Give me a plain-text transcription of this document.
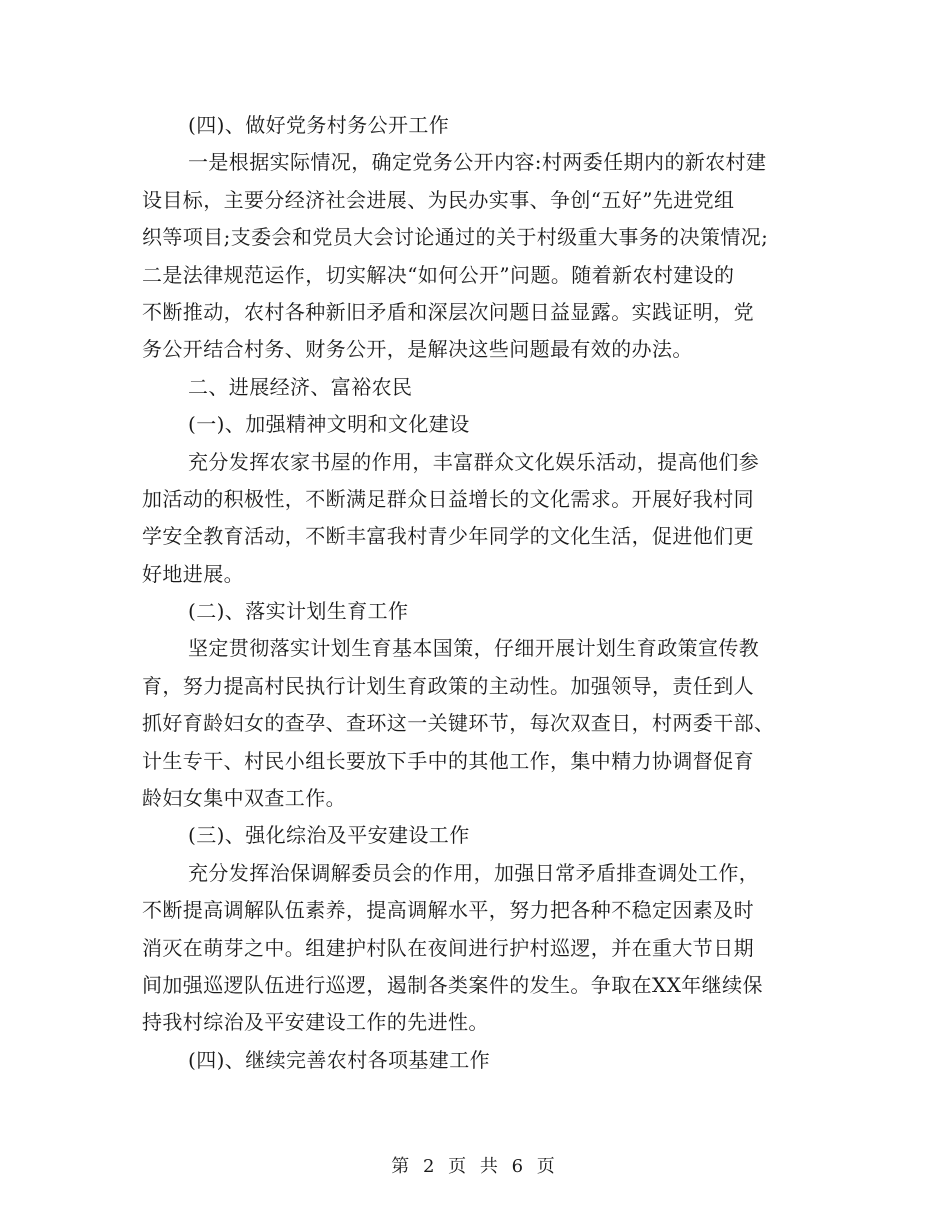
(四)、做好党务村务公开工作
一是根据实际情况，确定党务公开内容:村两委任期内的新农村建
设目标，主要分经济社会进展、为民办实事、争创“五好”先进党组
织等项目;支委会和党员大会讨论通过的关于村级重大事务的决策情况;
二是法律规范运作，切实解决“如何公开”问题。随着新农村建设的
不断推动，农村各种新旧矛盾和深层次问题日益显露。实践证明，党
务公开结合村务、财务公开，是解决这些问题最有效的办法。
二、进展经济、富裕农民
(一)、加强精神文明和文化建设
充分发挥农家书屋的作用，丰富群众文化娱乐活动，提高他们参
加活动的积极性，不断满足群众日益增长的文化需求。开展好我村同
学安全教育活动，不断丰富我村青少年同学的文化生活，促进他们更
好地进展。
(二)、落实计划生育工作
坚定贯彻落实计划生育基本国策，仔细开展计划生育政策宣传教
育，努力提高村民执行计划生育政策的主动性。加强领导，责任到人
抓好育龄妇女的查孕、查环这一关键环节，每次双查日，村两委干部、
计生专干、村民小组长要放下手中的其他工作，集中精力协调督促育
龄妇女集中双查工作。
(三)、强化综治及平安建设工作
充分发挥治保调解委员会的作用，加强日常矛盾排查调处工作，
不断提高调解队伍素养，提高调解水平，努力把各种不稳定因素及时
消灭在萌芽之中。组建护村队在夜间进行护村巡逻，并在重大节日期
间加强巡逻队伍进行巡逻，遏制各类案件的发生。争取在XX年继续保
持我村综治及平安建设工作的先进性。
(四)、继续完善农村各项基建工作
第 2 页 共 6 页
